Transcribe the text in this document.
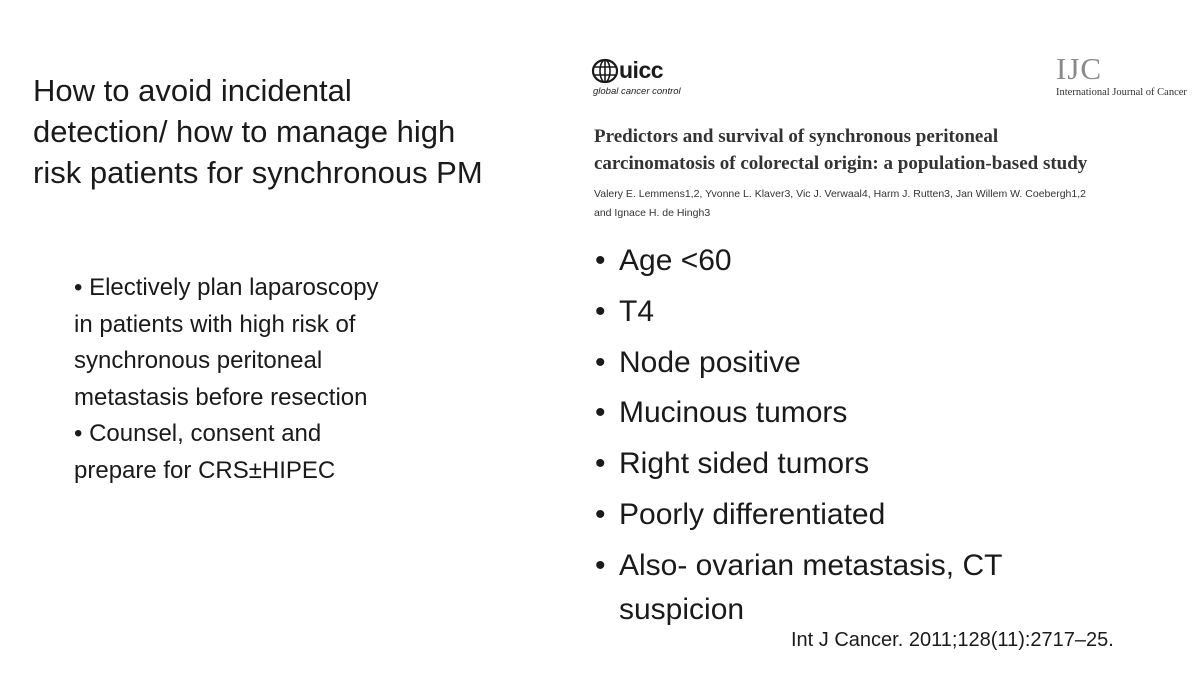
How to avoid incidental
detection/ how to manage high
risk patients for synchronous PM
• Electively plan laparoscopy
in patients with high risk of
synchronous peritoneal
metastasis before resection
• Counsel, consent and
prepare for CRS±HIPEC
uicc
global cancer control
IJC
International Journal of Cancer
Predictors and survival of synchronous peritoneal
carcinomatosis of colorectal origin: a population-based study
Valery E. Lemmens1,2, Yvonne L. Klaver3, Vic J. Verwaal4, Harm J. Rutten3, Jan Willem W. Coebergh1,2
and Ignace H. de Hingh3
• Age <60
• T4
• Node positive
• Mucinous tumors
• Right sided tumors
• Poorly differentiated
• Also- ovarian metastasis, CT
suspicion
Int J Cancer. 2011;128(11):2717–25.
